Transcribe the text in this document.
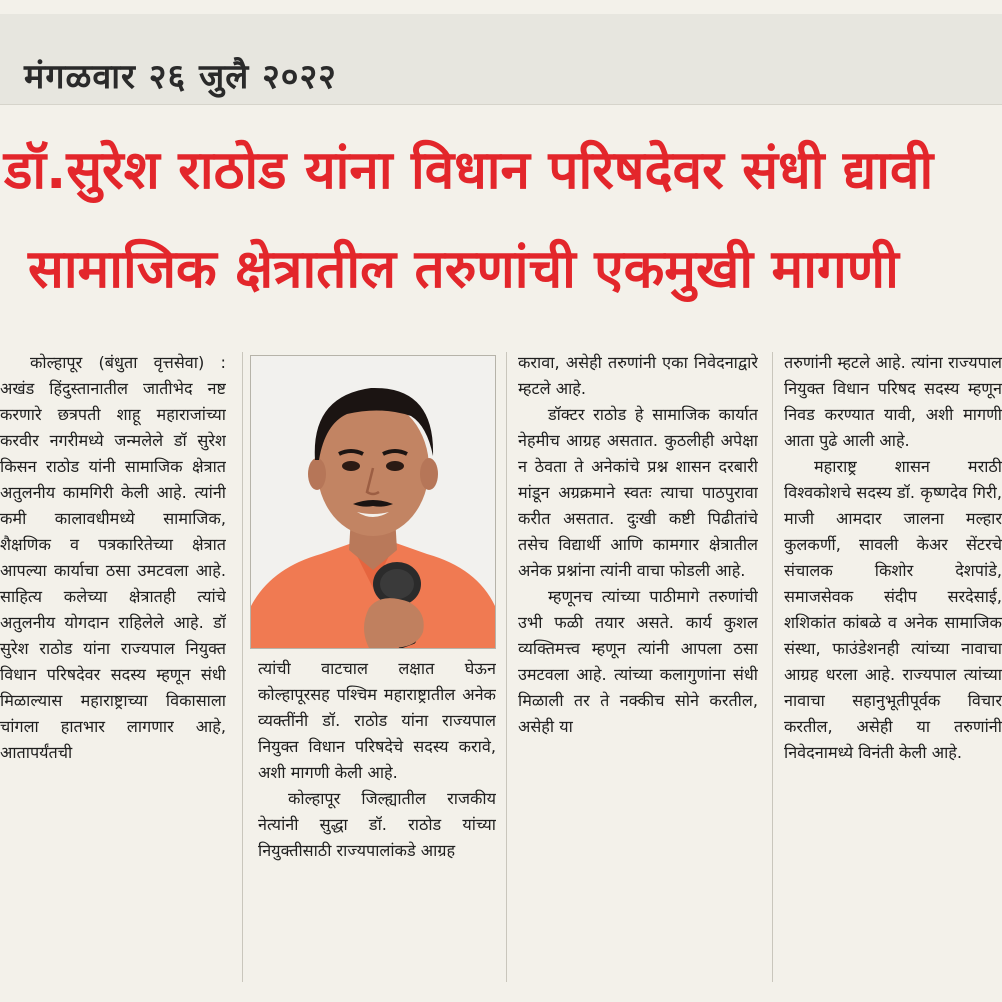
मंगळवार २६ जुलै २०२२
डॉ.सुरेश राठोड यांना विधान परिषदेवर संधी द्यावी
सामाजिक क्षेत्रातील तरुणांची एकमुखी मागणी

कोल्हापूर (बंधुता वृत्तसेवा) : अखंड हिंदुस्तानातील जातीभेद नष्ट करणारे छत्रपती शाहू महाराजांच्या करवीर नगरीमध्ये जन्मलेले डॉ सुरेश किसन राठोड यांनी सामाजिक क्षेत्रात अतुलनीय कामगिरी केली आहे. त्यांनी कमी कालावधीमध्ये सामाजिक, शैक्षणिक व पत्रकारितेच्या क्षेत्रात आपल्या कार्याचा ठसा उमटवला आहे. साहित्य कलेच्या क्षेत्रातही त्यांचे अतुलनीय योगदान राहिलेले आहे. डॉ सुरेश राठोड यांना राज्यपाल नियुक्त विधान परिषदेवर सदस्य म्हणून संधी मिळाल्यास महाराष्ट्राच्या विकासाला चांगला हातभार लागणार आहे, आतापर्यंतची

त्यांची वाटचाल लक्षात घेऊन कोल्हापूरसह पश्चिम महाराष्ट्रातील अनेक व्यक्तींनी डॉ. राठोड यांना राज्यपाल नियुक्त विधान परिषदेचे सदस्य करावे, अशी मागणी केली आहे.

कोल्हापूर जिल्ह्यातील राजकीय नेत्यांनी सुद्धा डॉ. राठोड यांच्या नियुक्तीसाठी राज्यपालांकडे आग्रह

करावा, असेही तरुणांनी एका निवेदनाद्वारे म्हटले आहे.

डॉक्टर राठोड हे सामाजिक कार्यात नेहमीच आग्रह असतात. कुठलीही अपेक्षा न ठेवता ते अनेकांचे प्रश्न शासन दरबारी मांडून अग्रक्रमाने स्वतः त्याचा पाठपुरावा करीत असतात. दुःखी कष्टी पिढीतांचे तसेच विद्यार्थी आणि कामगार क्षेत्रातील अनेक प्रश्नांना त्यांनी वाचा फोडली आहे.

म्हणूनच त्यांच्या पाठीमागे तरुणांची उभी फळी तयार असते. कार्य कुशल व्यक्तिमत्त्व म्हणून त्यांनी आपला ठसा उमटवला आहे. त्यांच्या कलागुणांना संधी मिळाली तर ते नक्कीच सोने करतील, असेही या

तरुणांनी म्हटले आहे. त्यांना राज्यपाल नियुक्त विधान परिषद सदस्य म्हणून निवड करण्यात यावी, अशी मागणी आता पुढे आली आहे.

महाराष्ट्र शासन मराठी विश्वकोशचे सदस्य डॉ. कृष्णदेव गिरी, माजी आमदार जालना मल्हार कुलकर्णी, सावली केअर सेंटरचे संचालक किशोर देशपांडे, समाजसेवक संदीप सरदेसाई, शशिकांत कांबळे व अनेक सामाजिक संस्था, फाउंडेशनही त्यांच्या नावाचा आग्रह धरला आहे. राज्यपाल त्यांच्या नावाचा सहानुभूतीपूर्वक विचार करतील, असेही या तरुणांनी निवेदनामध्ये विनंती केली आहे.
